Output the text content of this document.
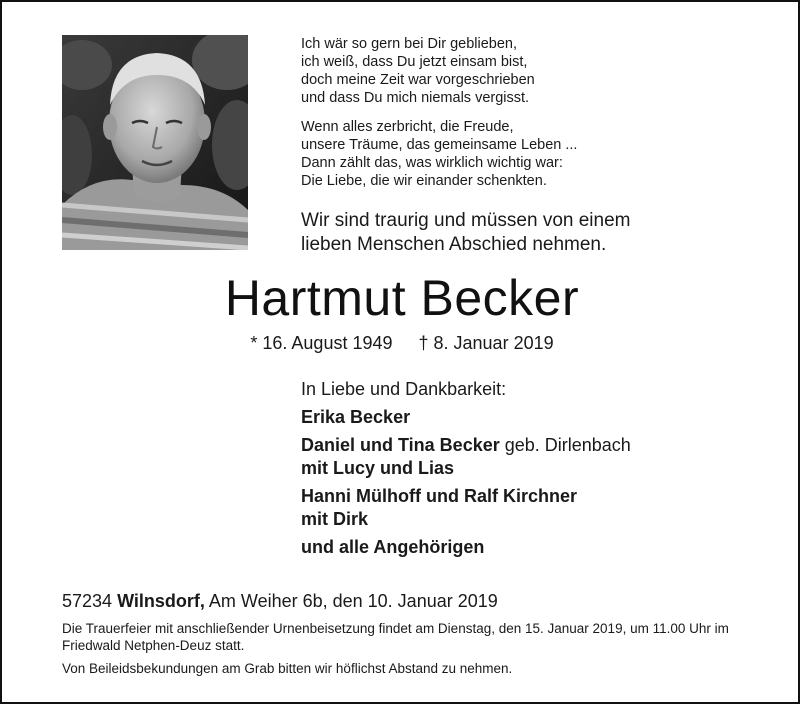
Ich wär so gern bei Dir geblieben,
ich weiß, dass Du jetzt einsam bist,
doch meine Zeit war vorgeschrieben
und dass Du mich niemals vergisst.

Wenn alles zerbricht, die Freude,
unsere Träume, das gemeinsame Leben ...
Dann zählt das, was wirklich wichtig war:
Die Liebe, die wir einander schenkten.

Wir sind traurig und müssen von einem
lieben Menschen Abschied nehmen.
Hartmut Becker
* 16. August 1949 † 8. Januar 2019
In Liebe und Dankbarkeit:
Erika Becker
Daniel und Tina Becker geb. Dirlenbach
mit Lucy und Lias
Hanni Mülhoff und Ralf Kirchner
mit Dirk
und alle Angehörigen
57234 Wilnsdorf, Am Weiher 6b, den 10. Januar 2019

Die Trauerfeier mit anschließender Urnenbeisetzung findet am Dienstag, den 15. Januar 2019, um 11.00 Uhr im Friedwald Netphen-Deuz statt.

Von Beileidsbekundungen am Grab bitten wir höflichst Abstand zu nehmen.
